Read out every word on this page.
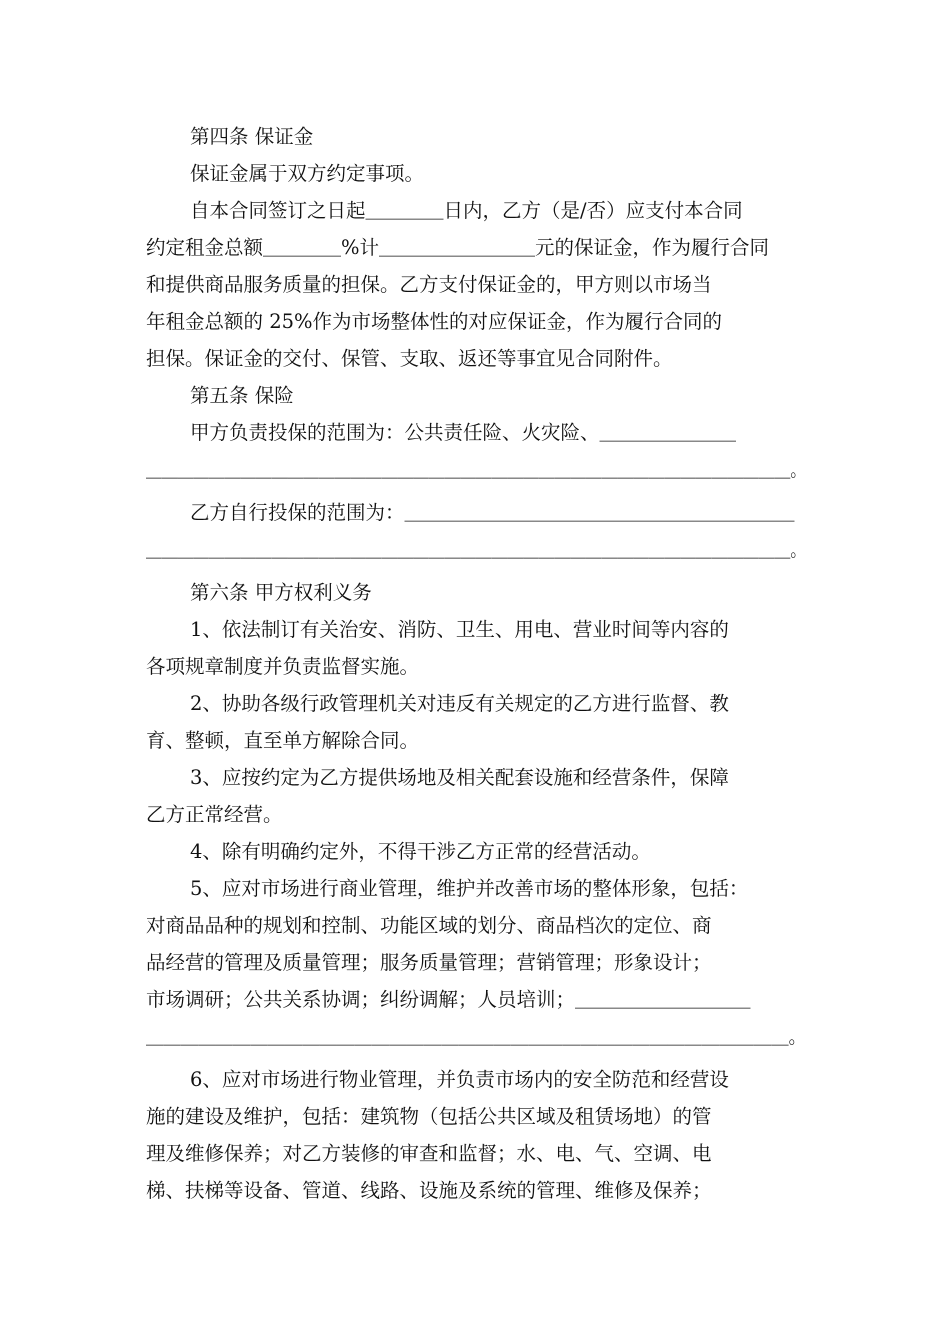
第四条 保证金
保证金属于双方约定事项。
自本合同签订之日起＿＿＿＿日内，乙方（是/否）应支付本合同
约定租金总额＿＿＿＿%计＿＿＿＿＿＿＿＿元的保证金，作为履行合同
和提供商品服务质量的担保。乙方支付保证金的，甲方则以市场当
年租金总额的 25%作为市场整体性的对应保证金，作为履行合同的
担保。保证金的交付、保管、支取、返还等事宜见合同附件。
第五条 保险
甲方负责投保的范围为：公共责任险、火灾险、＿＿＿＿＿＿＿
＿＿＿＿＿＿＿＿＿＿＿＿＿＿＿＿＿＿＿＿＿＿＿＿＿＿＿＿＿＿＿＿＿＿＿＿＿＿＿＿＿。
乙方自行投保的范围为：＿＿＿＿＿＿＿＿＿＿＿＿＿＿＿＿＿＿＿＿
＿＿＿＿＿＿＿＿＿＿＿＿＿＿＿＿＿＿＿＿＿＿＿＿＿＿＿＿＿＿＿＿＿＿＿＿＿＿＿＿＿。
第六条 甲方权利义务
1、依法制订有关治安、消防、卫生、用电、营业时间等内容的
各项规章制度并负责监督实施。
2、协助各级行政管理机关对违反有关规定的乙方进行监督、教
育、整顿，直至单方解除合同。
3、应按约定为乙方提供场地及相关配套设施和经营条件，保障
乙方正常经营。
4、除有明确约定外，不得干涉乙方正常的经营活动。
5、应对市场进行商业管理，维护并改善市场的整体形象，包括：
对商品品种的规划和控制、功能区域的划分、商品档次的定位、商
品经营的管理及质量管理；服务质量管理；营销管理；形象设计；
市场调研；公共关系协调；纠纷调解；人员培训；＿＿＿＿＿＿＿＿＿
＿＿＿＿＿＿＿＿＿＿＿＿＿＿＿＿＿＿＿＿＿＿＿＿＿＿＿＿＿＿＿＿＿＿＿＿＿。
6、应对市场进行物业管理，并负责市场内的安全防范和经营设
施的建设及维护，包括：建筑物（包括公共区域及租赁场地）的管
理及维修保养；对乙方装修的审查和监督；水、电、气、空调、电
梯、扶梯等设备、管道、线路、设施及系统的管理、维修及保养；
